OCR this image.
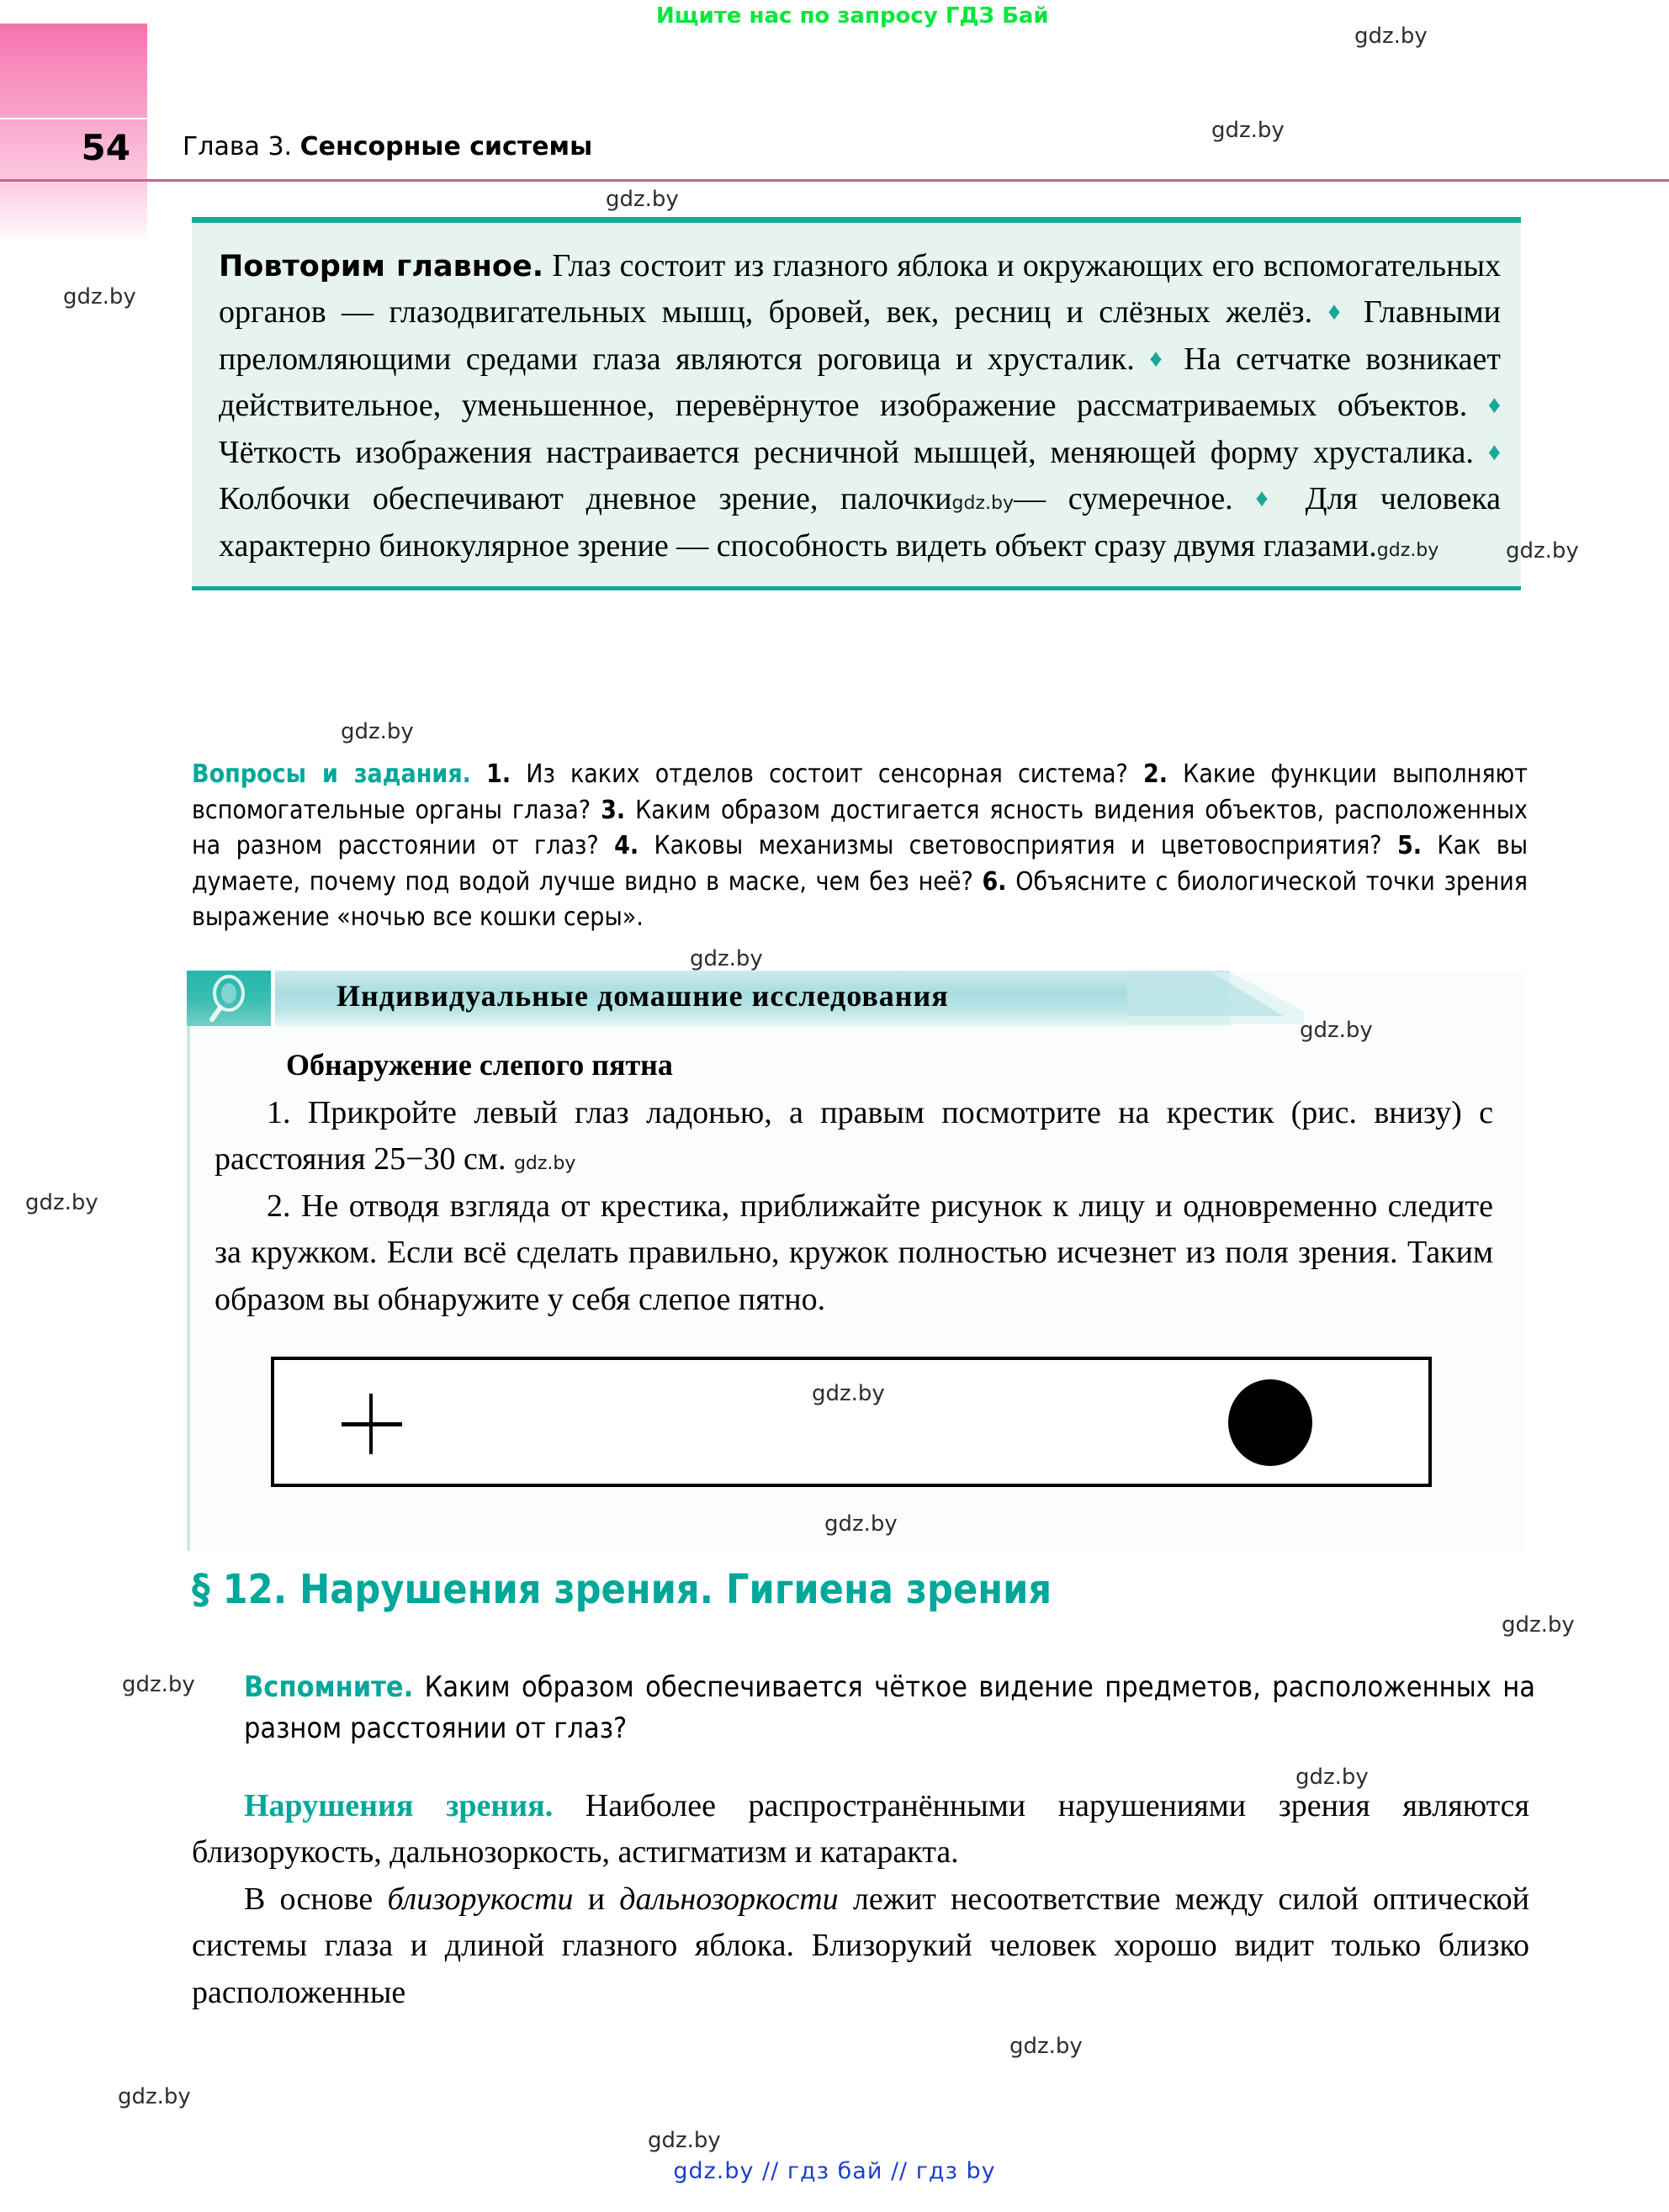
Ищите нас по запросу ГДЗ Бай
54 Глава 3. Сенсорные системы
Повторим главное. Глаз состоит из глазного яблока и окружающих его вспомогательных органов — глазодвигательных мышц, бровей, век, ресниц и слёзных желёз. ♦ Главными преломляющими средами глаза являются роговица и хрусталик. ♦ На сетчатке возникает действительное, уменьшенное, перевёрнутое изображение рассматриваемых объектов. ♦ Чёткость изображения настраивается ресничной мышцей, меняющей форму хрусталика. ♦ Колбочки обеспечивают дневное зрение, палочкиgdz.by— сумеречное. ♦ Для человека характерно бинокулярное зрение — способность видеть объект сразу двумя глазами.gdz.by
Вопросы и задания. 1. Из каких отделов состоит сенсорная система? 2. Какие функции выполняют вспомогательные органы глаза? 3. Каким образом достигается ясность видения объектов, расположенных на разном расстоянии от глаз? 4. Каковы механизмы световосприятия и цветовосприятия? 5. Как вы думаете, почему под водой лучше видно в маске, чем без неё? 6. Объясните с биологической точки зрения выражение «ночью все кошки серы».
Индивидуальные домашние исследования
Обнаружение слепого пятна

1. Прикройте левый глаз ладонью, а правым посмотрите на крестик (рис. внизу) с расстояния 25−30 см. gdz.by

2. Не отводя взгляда от крестика, приближайте рисунок к лицу и одновременно следите за кружком. Если всё сделать правильно, кружок полностью исчезнет из поля зрения. Таким образом вы обнаружите у себя слепое пятно.

§ 12. Нарушения зрения. Гигиена зрения
Вспомните. Каким образом обеспечивается чёткое видение предметов, расположенных на разном расстоянии от глаз?

Нарушения зрения. Наиболее распространёнными нарушениями зрения являются близорукость, дальнозоркость, астигматизм и катаракта.

В основе близорукости и дальнозоркости лежит несоответствие между силой оптической системы глаза и длиной глазного яблока. Близорукий человек хорошо видит только близко расположенные

gdz.by // гдз бай // гдз by
gdz.by
gdz.by
gdz.by
gdz.by
gdz.by
gdz.by
gdz.by
gdz.by
gdz.by
gdz.by
gdz.by
gdz.by
gdz.by
gdz.by
gdz.by
gdz.by
gdz.by
